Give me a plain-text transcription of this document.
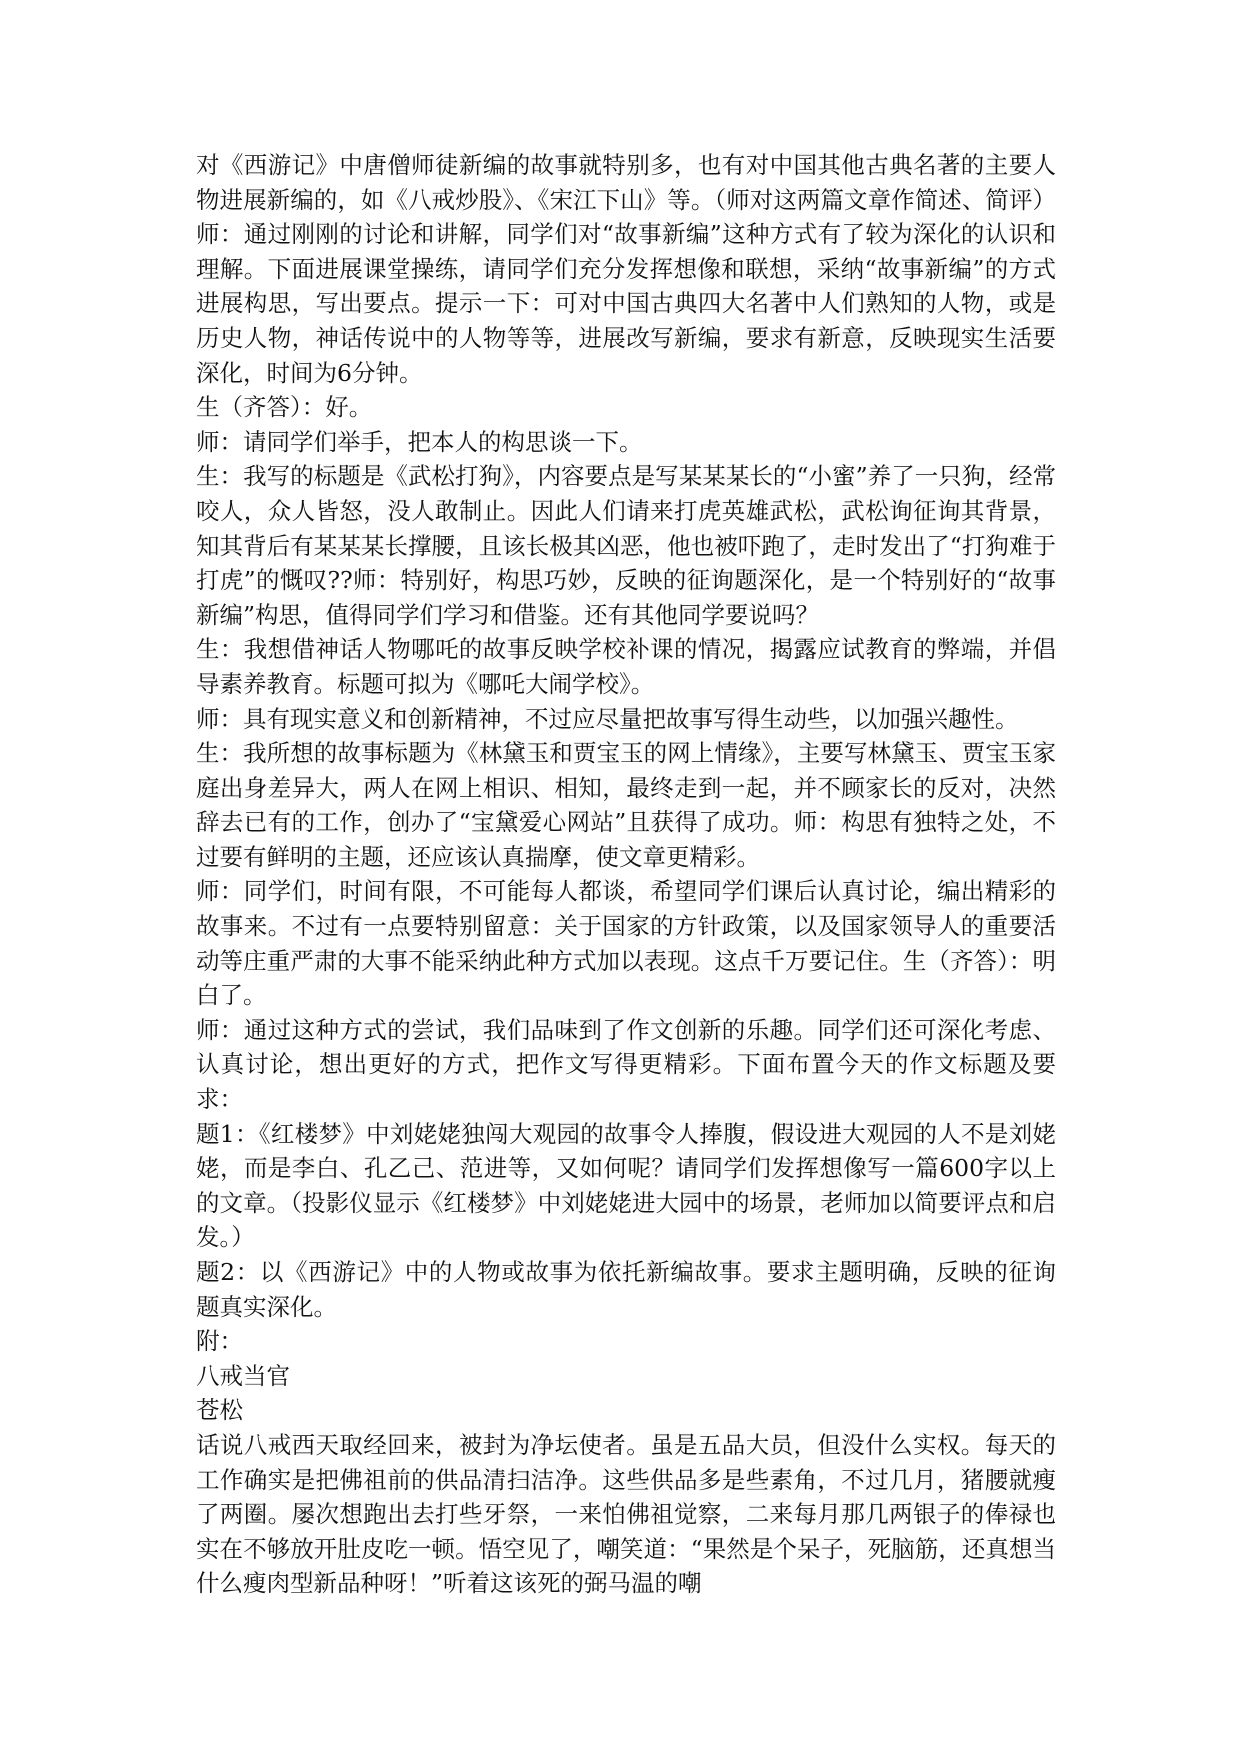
对《西游记》中唐僧师徒新编的故事就特别多，也有对中国其他古典名著的主要人物进展新编的，如《八戒炒股》、《宋江下山》等。（师对这两篇文章作简述、简评）师：通过刚刚的讨论和讲解，同学们对“故事新编”这种方式有了较为深化的认识和理解。下面进展课堂操练，请同学们充分发挥想像和联想，采纳“故事新编”的方式进展构思，写出要点。提示一下：可对中国古典四大名著中人们熟知的人物，或是历史人物，神话传说中的人物等等，进展改写新编，要求有新意，反映现实生活要深化，时间为6分钟。

生（齐答）：好。

师：请同学们举手，把本人的构思谈一下。

生：我写的标题是《武松打狗》，内容要点是写某某某长的“小蜜”养了一只狗，经常咬人，众人皆怒，没人敢制止。因此人们请来打虎英雄武松，武松询征询其背景，知其背后有某某某长撑腰，且该长极其凶恶，他也被吓跑了，走时发出了“打狗难于打虎”的慨叹??师：特别好，构思巧妙，反映的征询题深化，是一个特别好的“故事新编”构思，值得同学们学习和借鉴。还有其他同学要说吗？

生：我想借神话人物哪吒的故事反映学校补课的情况，揭露应试教育的弊端，并倡导素养教育。标题可拟为《哪吒大闹学校》。

师：具有现实意义和创新精神，不过应尽量把故事写得生动些，以加强兴趣性。

生：我所想的故事标题为《林黛玉和贾宝玉的网上情缘》，主要写林黛玉、贾宝玉家庭出身差异大，两人在网上相识、相知，最终走到一起，并不顾家长的反对，决然辞去已有的工作，创办了“宝黛爱心网站”且获得了成功。师：构思有独特之处，不过要有鲜明的主题，还应该认真揣摩，使文章更精彩。

师：同学们，时间有限，不可能每人都谈，希望同学们课后认真讨论，编出精彩的故事来。不过有一点要特别留意：关于国家的方针政策，以及国家领导人的重要活动等庄重严肃的大事不能采纳此种方式加以表现。这点千万要记住。生（齐答）：明白了。

师：通过这种方式的尝试，我们品味到了作文创新的乐趣。同学们还可深化考虑、认真讨论，想出更好的方式，把作文写得更精彩。下面布置今天的作文标题及要求：

题1：《红楼梦》中刘姥姥独闯大观园的故事令人捧腹，假设进大观园的人不是刘姥姥，而是李白、孔乙己、范进等，又如何呢？请同学们发挥想像写一篇600字以上的文章。（投影仪显示《红楼梦》中刘姥姥进大园中的场景，老师加以简要评点和启发。）

题2：以《西游记》中的人物或故事为依托新编故事。要求主题明确，反映的征询题真实深化。

附：

八戒当官

苍松

话说八戒西天取经回来，被封为净坛使者。虽是五品大员，但没什么实权。每天的工作确实是把佛祖前的供品清扫洁净。这些供品多是些素角，不过几月，猪腰就瘦了两圈。屡次想跑出去打些牙祭，一来怕佛祖觉察，二来每月那几两银子的俸禄也实在不够放开肚皮吃一顿。悟空见了，嘲笑道：“果然是个呆子，死脑筋，还真想当什么瘦肉型新品种呀！”听着这该死的弼马温的嘲
